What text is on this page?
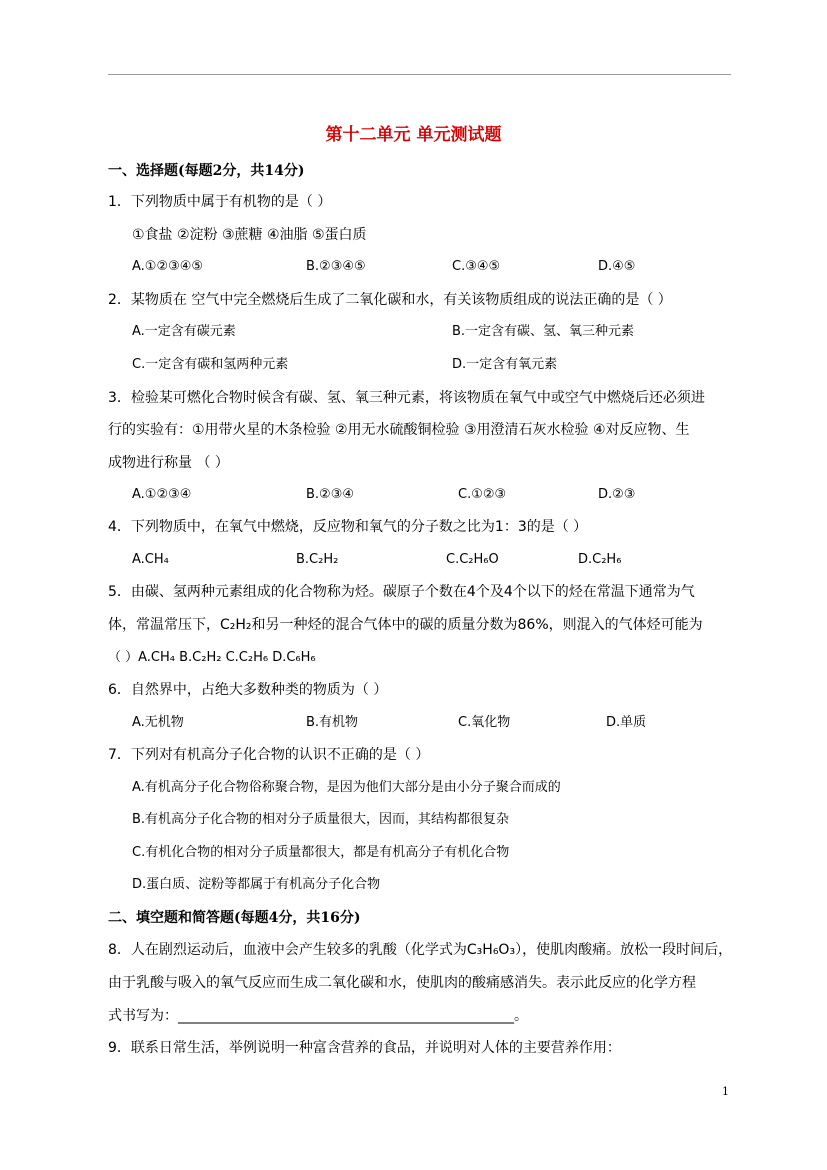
第十二单元 单元测试题
一、选择题(每题2分，共14分)
1．下列物质中属于有机物的是（ ）
①食盐 ②淀粉 ③蔗糖 ④油脂 ⑤蛋白质
A.①②③④⑤	B.②③④⑤	C.③④⑤	D.④⑤
2．某物质在 空气中完全燃烧后生成了二氧化碳和水，有关该物质组成的说法正确的是（ ）
A.一定含有碳元素	B.一定含有碳、氢、氧三种元素
C.一定含有碳和氢两种元素	D.一定含有氧元素
3．检验某可燃化合物时候含有碳、氢、氧三种元素，将该物质在氧气中或空气中燃烧后还必须进
行的实验有：①用带火星的木条检验 ②用无水硫酸铜检验 ③用澄清石灰水检验 ④对反应物、生
成物进行称量 （ ）
A.①②③④	B.②③④	C.①②③	D.②③
4．下列物质中，在氧气中燃烧，反应物和氧气的分子数之比为1：3的是（ ）
A.CH₄	B.C₂H₂	C.C₂H₆O	D.C₂H₆
5．由碳、氢两种元素组成的化合物称为烃。碳原子个数在4个及4个以下的烃在常温下通常为气
体，常温常压下，C₂H₂和另一种烃的混合气体中的碳的质量分数为86%，则混入的气体烃可能为
（ ）A.CH₄ B.C₂H₂ C.C₂H₆ D.C₆H₆
6．自然界中，占绝大多数种类的物质为（ ）
A.无机物	B.有机物	C.氧化物	D.单质
7．下列对有机高分子化合物的认识不正确的是（ ）
A.有机高分子化合物俗称聚合物，是因为他们大部分是由小分子聚合而成的
B.有机高分子化合物的相对分子质量很大，因而，其结构都很复杂
C.有机化合物的相对分子质量都很大，都是有机高分子有机化合物
D.蛋白质、淀粉等都属于有机高分子化合物
二、填空题和简答题(每题4分，共16分)
8．人在剧烈运动后，血液中会产生较多的乳酸（化学式为C₃H₆O₃），使肌肉酸痛。放松一段时间后，
由于乳酸与吸入的氧气反应而生成二氧化碳和水，使肌肉的酸痛感消失。表示此反应的化学方程
式书写为：________________________________________________。
9．联系日常生活，举例说明一种富含营养的食品，并说明对人体的主要营养作用：
1
